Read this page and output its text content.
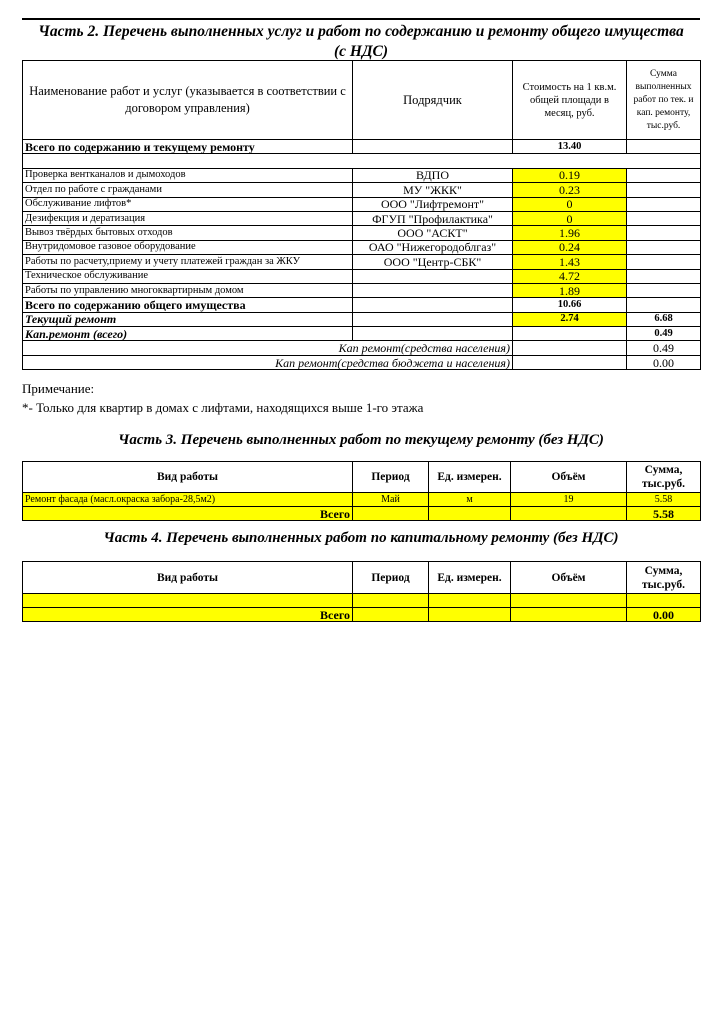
Часть 2. Перечень выполненных услуг и работ по содержанию и ремонту общего имущества
(с НДС)
Наименование работ и услуг (указывается в соответствии с договором управления)	Подрядчик	Стоимость на 1 кв.м. общей площади в месяц, руб.	Сумма выполненных работ по тек. и кап. ремонту, тыс.руб.
Всего по содержанию и текущему ремонту		13.40	

Проверка вентканалов и дымоходов	ВДПО	0.19	
Отдел по работе с гражданами	МУ "ЖКК"	0.23	
Обслуживание лифтов*	ООО "Лифтремонт"	0	
Дезифекция и дератизация	ФГУП "Профилактика"	0	
Вывоз твёрдых бытовых отходов	ООО "АСКТ"	1.96	
Внутридомовое газовое оборудование	ОАО "Нижегородоблгаз"	0.24	
Работы по расчету,приему и учету платежей граждан за ЖКУ	ООО "Центр-СБК"	1.43	
Техническое обслуживание		4.72	
Работы по управлению многоквартирным домом		1.89	
Всего по содержанию общего имущества		10.66	
Текущий ремонт		2.74	6.68
Кап.ремонт (всего)			0.49
Кап ремонт(средства населения)			0.49
Кап ремонт(средства бюджета и населения)			0.00
Примечание:
*- Только для квартир в домах с лифтами, находящихся выше 1-го этажа
Часть 3. Перечень выполненных работ по текущему ремонту (без НДС)
Вид работы	Период	Ед. измерен.	Объём	Сумма, тыс.руб.
Ремонт фасада (масл.окраска забора-28,5м2)	Май	м	19	5.58
Всего				5.58
Часть 4. Перечень выполненных работ по капитальному ремонту (без НДС)
Вид работы	Период	Ед. измерен.	Объём	Сумма, тыс.руб.

Всего				0.00
